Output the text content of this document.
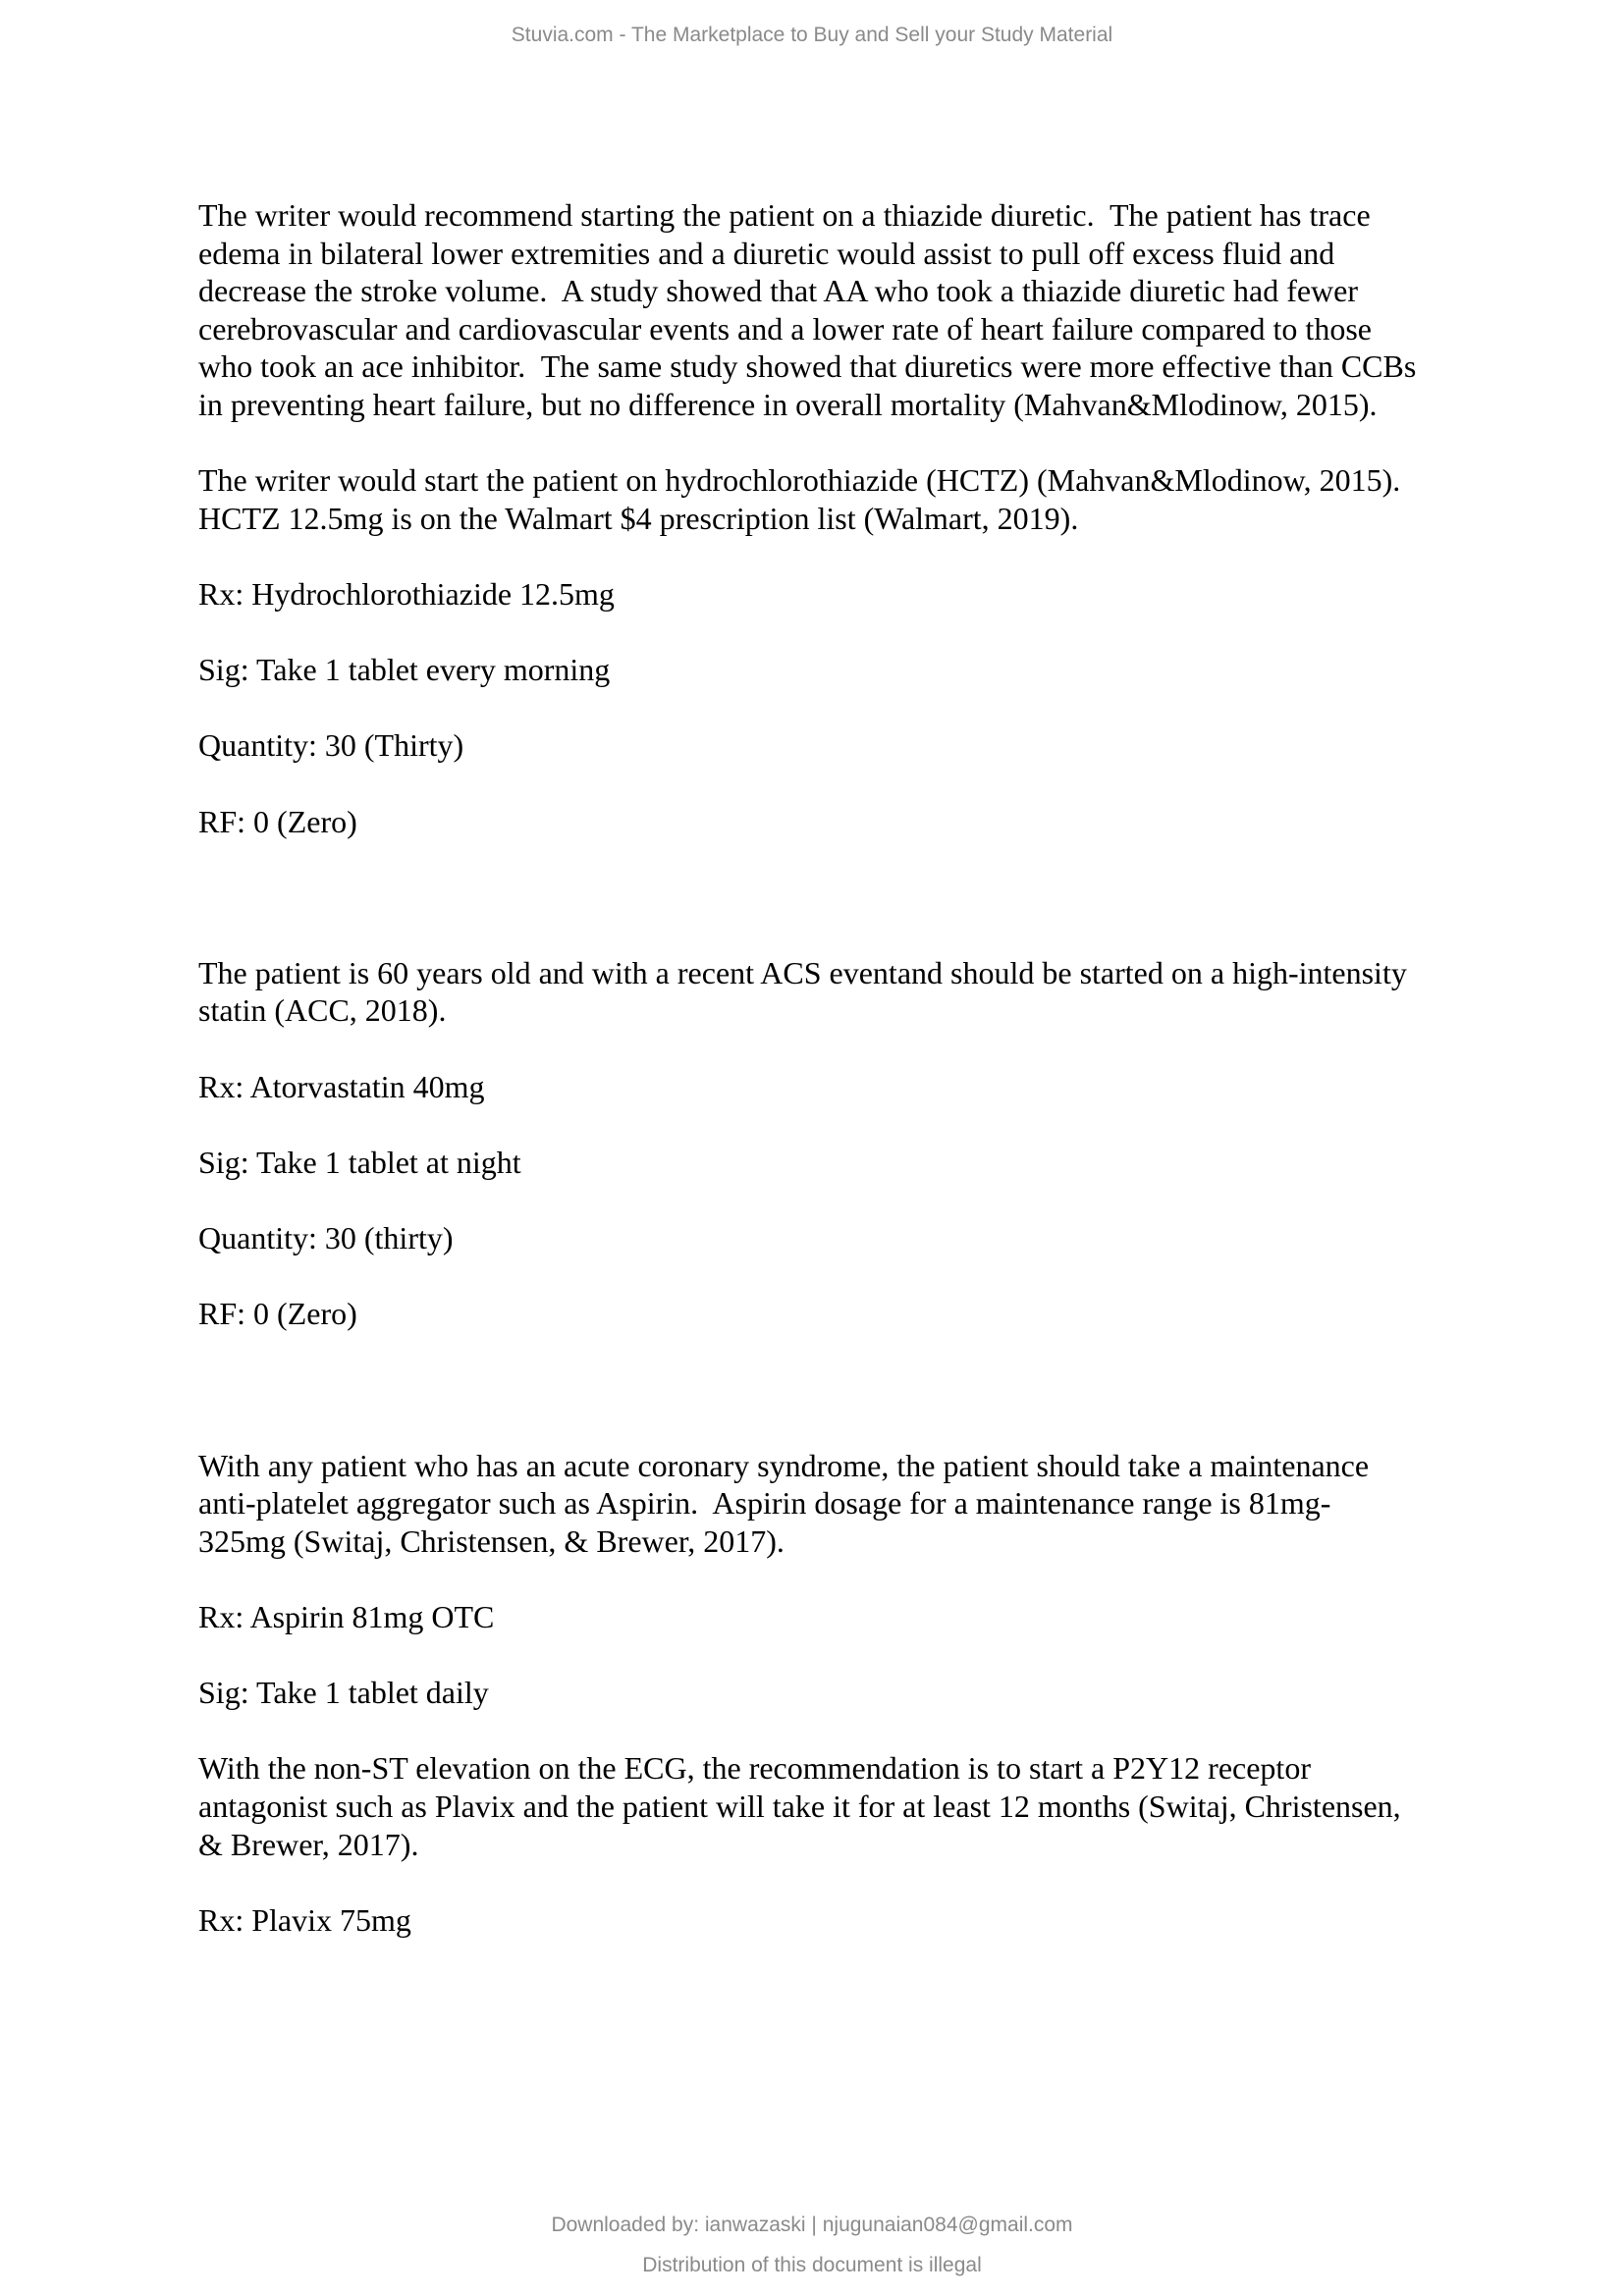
Stuvia.com - The Marketplace to Buy and Sell your Study Material

The writer would recommend starting the patient on a thiazide diuretic.  The patient has trace
edema in bilateral lower extremities and a diuretic would assist to pull off excess fluid and
decrease the stroke volume.  A study showed that AA who took a thiazide diuretic had fewer
cerebrovascular and cardiovascular events and a lower rate of heart failure compared to those
who took an ace inhibitor.  The same study showed that diuretics were more effective than CCBs
in preventing heart failure, but no difference in overall mortality (Mahvan&Mlodinow, 2015).

The writer would start the patient on hydrochlorothiazide (HCTZ) (Mahvan&Mlodinow, 2015).
HCTZ 12.5mg is on the Walmart $4 prescription list (Walmart, 2019).

Rx: Hydrochlorothiazide 12.5mg

Sig: Take 1 tablet every morning

Quantity: 30 (Thirty)

RF: 0 (Zero)

The patient is 60 years old and with a recent ACS eventand should be started on a high-intensity
statin (ACC, 2018).

Rx: Atorvastatin 40mg

Sig: Take 1 tablet at night

Quantity: 30 (thirty)

RF: 0 (Zero)

With any patient who has an acute coronary syndrome, the patient should take a maintenance
anti-platelet aggregator such as Aspirin.  Aspirin dosage for a maintenance range is 81mg-
325mg (Switaj, Christensen, & Brewer, 2017).

Rx: Aspirin 81mg OTC

Sig: Take 1 tablet daily

With the non-ST elevation on the ECG, the recommendation is to start a P2Y12 receptor
antagonist such as Plavix and the patient will take it for at least 12 months (Switaj, Christensen,
& Brewer, 2017).

Rx: Plavix 75mg

Downloaded by: ianwazaski | njugunaian084@gmail.com
Distribution of this document is illegal
